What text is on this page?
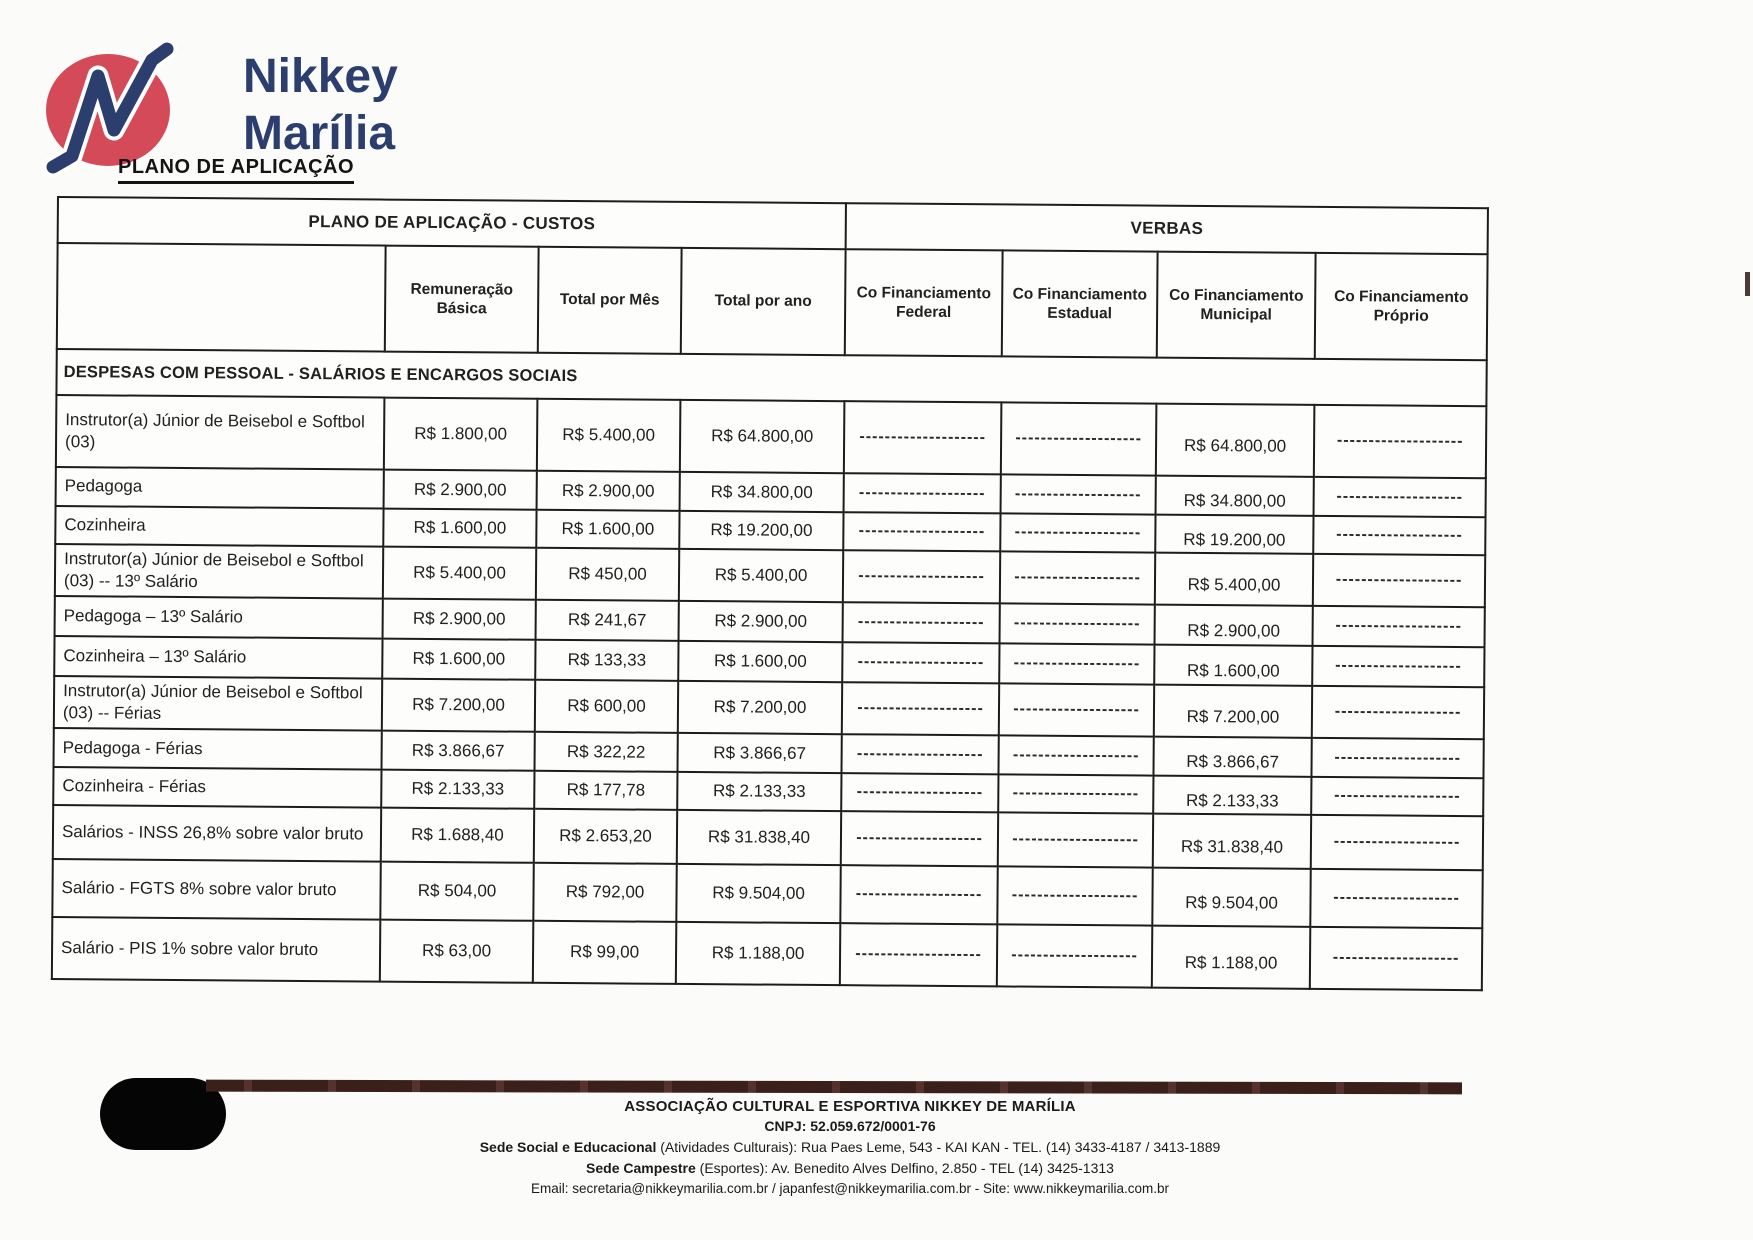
Nikkey
Marília
PLANO DE APLICAÇÃO
PLANO DE APLICAÇÃO - CUSTOS				VERBAS			
	Remuneração Básica	Total por Mês	Total por ano	Co Financiamento Federal	Co Financiamento Estadual	Co Financiamento Municipal	Co Financiamento Próprio
DESPESAS COM PESSOAL - SALÁRIOS E ENCARGOS SOCIAIS							
Instrutor(a) Júnior de Beisebol e Softbol (03)	R$ 1.800,00	R$ 5.400,00	R$ 64.800,00	--------------------	--------------------	R$ 64.800,00	--------------------
Pedagoga	R$ 2.900,00	R$ 2.900,00	R$ 34.800,00	--------------------	--------------------	R$ 34.800,00	--------------------
Cozinheira	R$ 1.600,00	R$ 1.600,00	R$ 19.200,00	--------------------	--------------------	R$ 19.200,00	--------------------
Instrutor(a) Júnior de Beisebol e Softbol (03) -- 13º Salário	R$ 5.400,00	R$ 450,00	R$ 5.400,00	--------------------	--------------------	R$ 5.400,00	--------------------
Pedagoga – 13º Salário	R$ 2.900,00	R$ 241,67	R$ 2.900,00	--------------------	--------------------	R$ 2.900,00	--------------------
Cozinheira – 13º Salário	R$ 1.600,00	R$ 133,33	R$ 1.600,00	--------------------	--------------------	R$ 1.600,00	--------------------
Instrutor(a) Júnior de Beisebol e Softbol (03) -- Férias	R$ 7.200,00	R$ 600,00	R$ 7.200,00	--------------------	--------------------	R$ 7.200,00	--------------------
Pedagoga - Férias	R$ 3.866,67	R$ 322,22	R$ 3.866,67	--------------------	--------------------	R$ 3.866,67	--------------------
Cozinheira - Férias	R$ 2.133,33	R$ 177,78	R$ 2.133,33	--------------------	--------------------	R$ 2.133,33	--------------------
Salários - INSS 26,8% sobre valor bruto	R$ 1.688,40	R$ 2.653,20	R$ 31.838,40	--------------------	--------------------	R$ 31.838,40	--------------------
Salário - FGTS 8% sobre valor bruto	R$ 504,00	R$ 792,00	R$ 9.504,00	--------------------	--------------------	R$ 9.504,00	--------------------
Salário - PIS 1% sobre valor bruto	R$ 63,00	R$ 99,00	R$ 1.188,00	--------------------	--------------------	R$ 1.188,00	--------------------
ASSOCIAÇÃO CULTURAL E ESPORTIVA NIKKEY DE MARÍLIA
CNPJ: 52.059.672/0001-76
Sede Social e Educacional (Atividades Culturais): Rua Paes Leme, 543 - KAI KAN - TEL. (14) 3433-4187 / 3413-1889
Sede Campestre (Esportes): Av. Benedito Alves Delfino, 2.850 - TEL (14) 3425-1313
Email: secretaria@nikkeymarilia.com.br / japanfest@nikkeymarilia.com.br - Site: www.nikkeymarilia.com.br
